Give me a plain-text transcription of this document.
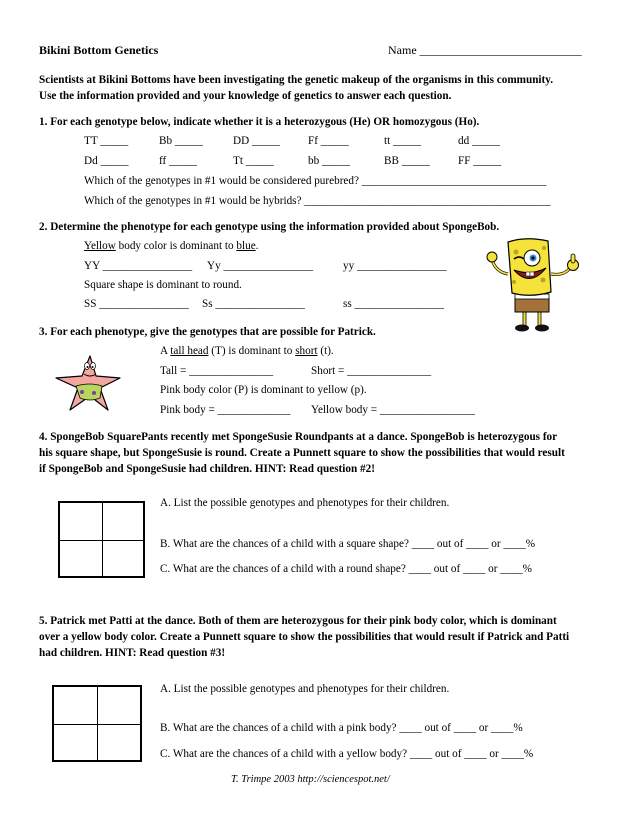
Bikini Bottom Genetics	Name ___________________________
Scientists at Bikini Bottoms have been investigating the genetic makeup of the organisms in this community.
Use the information provided and your knowledge of genetics to answer each question.
1. For each genotype below, indicate whether it is a heterozygous (He) OR homozygous (Ho).
TT _____	Bb _____	DD _____	Ff _____	tt _____	dd _____
Dd _____	ff _____	Tt _____	bb _____	BB _____	FF _____
Which of the genotypes in #1 would be considered purebred? _________________________________
Which of the genotypes in #1 would be hybrids? ____________________________________________
2. Determine the phenotype for each genotype using the information provided about SpongeBob.
Yellow body color is dominant to blue.
YY ________________ Yy ________________	yy ________________
Square shape is dominant to round.
SS ________________ Ss ________________	ss ________________
3. For each phenotype, give the genotypes that are possible for Patrick.
A tall head (T) is dominant to short (t).
Tall = _______________	Short = _______________
Pink body color (P) is dominant to yellow (p).
Pink body = _____________ Yellow body = _________________
4. SpongeBob SquarePants recently met SpongeSusie Roundpants at a dance. SpongeBob is heterozygous for
his square shape, but SpongeSusie is round. Create a Punnett square to show the possibilities that would result
if SpongeBob and SpongeSusie had children. HINT: Read question #2!
A. List the possible genotypes and phenotypes for their children.
B. What are the chances of a child with a square shape? ____ out of ____ or ____%
C. What are the chances of a child with a round shape? ____ out of ____ or ____%
5. Patrick met Patti at the dance. Both of them are heterozygous for their pink body color, which is dominant
over a yellow body color. Create a Punnett square to show the possibilities that would result if Patrick and Patti
had children. HINT: Read question #3!
A. List the possible genotypes and phenotypes for their children.
B. What are the chances of a child with a pink body? ____ out of ____ or ____%
C. What are the chances of a child with a yellow body? ____ out of ____ or ____%
T. Trimpe 2003 http://sciencespot.net/
